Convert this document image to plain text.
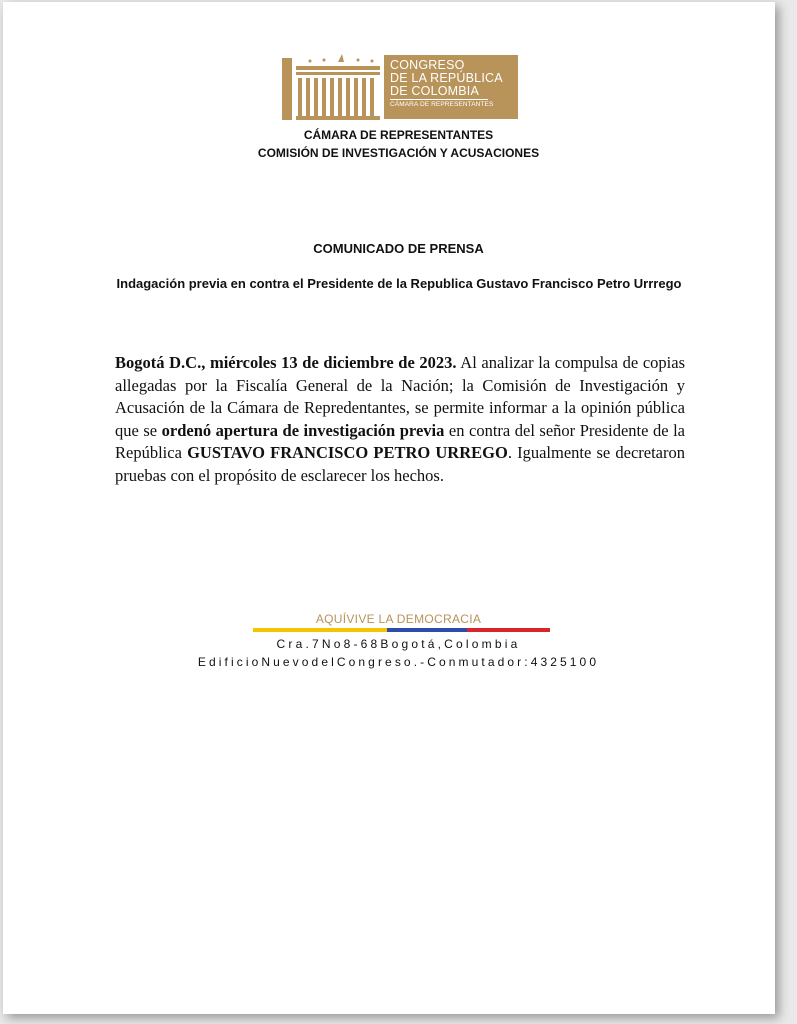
CONGRESO
DE LA REPÚBLICA
DE COLOMBIA
CÁMARA DE REPRESENTANTES
CÁMARA DE REPRESENTANTES
COMISIÓN DE INVESTIGACIÓN Y ACUSACIONES
COMUNICADO DE PRENSA
Indagación previa en contra el Presidente de la Republica Gustavo Francisco Petro Urrrego
Bogotá D.C., miércoles 13 de diciembre de 2023. Al analizar la compulsa de copias allegadas por la Fiscalía General de la Nación; la Comisión de Investigación y Acusación de la Cámara de Repredentantes, se permite informar a la opinión pública que se ordenó apertura de investigación previa en contra del señor Presidente de la República GUSTAVO FRANCISCO PETRO URREGO. Igualmente se decretaron pruebas con el propósito de esclarecer los hechos.
AQUÍVIVE LA DEMOCRACIA
Cra.7No8-68Bogotá,Colombia
EdificioNuevodelCongreso.-Conmutador:4325100
